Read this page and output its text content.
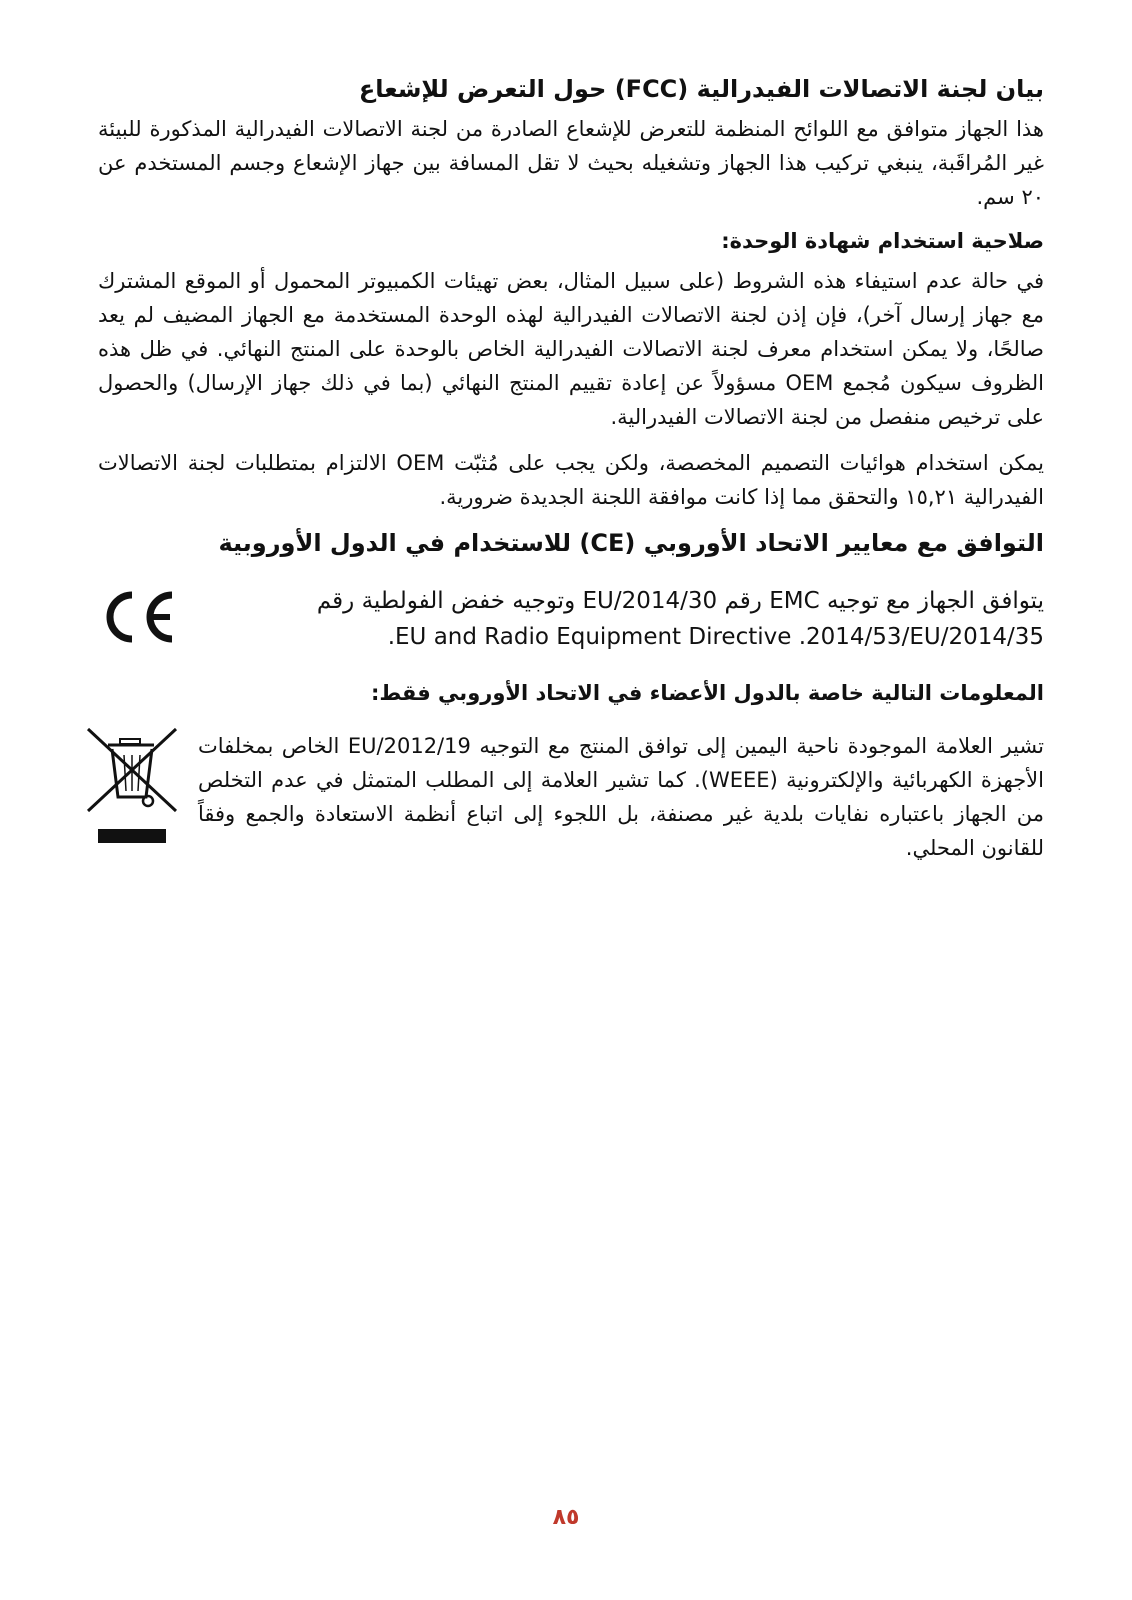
بيان لجنة الاتصالات الفيدرالية (FCC) حول التعرض للإشعاع

هذا الجهاز متوافق مع اللوائح المنظمة للتعرض للإشعاع الصادرة من لجنة الاتصالات الفيدرالية المذكورة للبيئة غير المُراقَبة، ينبغي تركيب هذا الجهاز وتشغيله بحيث لا تقل المسافة بين جهاز الإشعاع وجسم المستخدم عن ٢٠ سم.

صلاحية استخدام شهادة الوحدة:

في حالة عدم استيفاء هذه الشروط (على سبيل المثال، بعض تهيئات الكمبيوتر المحمول أو الموقع المشترك مع جهاز إرسال آخر)، فإن إذن لجنة الاتصالات الفيدرالية لهذه الوحدة المستخدمة مع الجهاز المضيف لم يعد صالحًا، ولا يمكن استخدام معرف لجنة الاتصالات الفيدرالية الخاص بالوحدة على المنتج النهائي. في ظل هذه الظروف سيكون مُجمع OEM مسؤولاً عن إعادة تقييم المنتج النهائي (بما في ذلك جهاز الإرسال) والحصول على ترخيص منفصل من لجنة الاتصالات الفيدرالية.

يمكن استخدام هوائيات التصميم المخصصة، ولكن يجب على مُثبّت OEM الالتزام بمتطلبات لجنة الاتصالات الفيدرالية ١٥,٢١ والتحقق مما إذا كانت موافقة اللجنة الجديدة ضرورية.

التوافق مع معايير الاتحاد الأوروبي (CE) للاستخدام في الدول الأوروبية

يتوافق الجهاز مع توجيه EMC رقم 2014/30/EU وتوجيه خفض الفولطية رقم 2014/35/EU and Radio Equipment Directive .2014/53/EU.

المعلومات التالية خاصة بالدول الأعضاء في الاتحاد الأوروبي فقط:

تشير العلامة الموجودة ناحية اليمين إلى توافق المنتج مع التوجيه 2012/19/EU الخاص بمخلفات الأجهزة الكهربائية والإلكترونية (WEEE). كما تشير العلامة إلى المطلب المتمثل في عدم التخلص من الجهاز باعتباره نفايات بلدية غير مصنفة، بل اللجوء إلى اتباع أنظمة الاستعادة والجمع وفقاً للقانون المحلي.

٨٥
